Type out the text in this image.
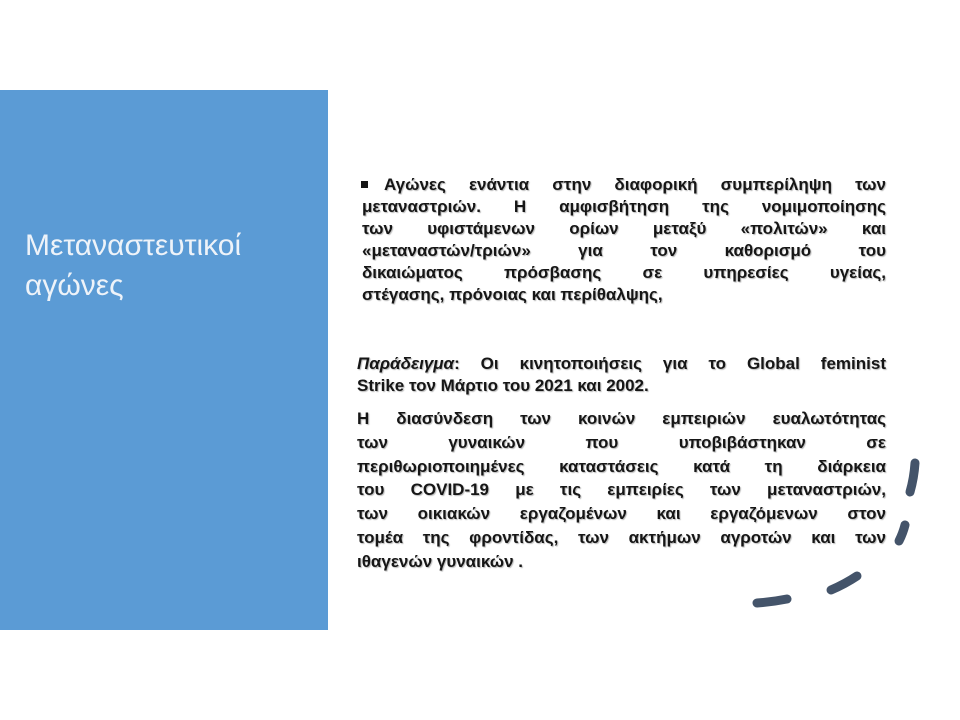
Μεταναστευτικοί
αγώνες
Αγώνες ενάντια στην διαφορική συμπερίληψη των
μεταναστριών. Η αμφισβήτηση της νομιμοποίησης
των υφιστάμενων ορίων μεταξύ «πολιτών» και
«μεταναστών/τριών» για τον καθορισμό του
δικαιώματος πρόσβασης σε υπηρεσίες υγείας,
στέγασης, πρόνοιας και περίθαλψης,
Παράδειγμα: Οι κινητοποιήσεις για το Global feminist
Strike τον Μάρτιο του 2021 και 2002.
Η διασύνδεση των κοινών εμπειριών ευαλωτότητας
των γυναικών που υποβιβάστηκαν σε
περιθωριοποιημένες καταστάσεις κατά τη διάρκεια
του COVID-19 με τις εμπειρίες των μεταναστριών,
των οικιακών εργαζομένων και εργαζόμενων στον
τομέα της φροντίδας, των ακτήμων αγροτών και των
ιθαγενών γυναικών .
